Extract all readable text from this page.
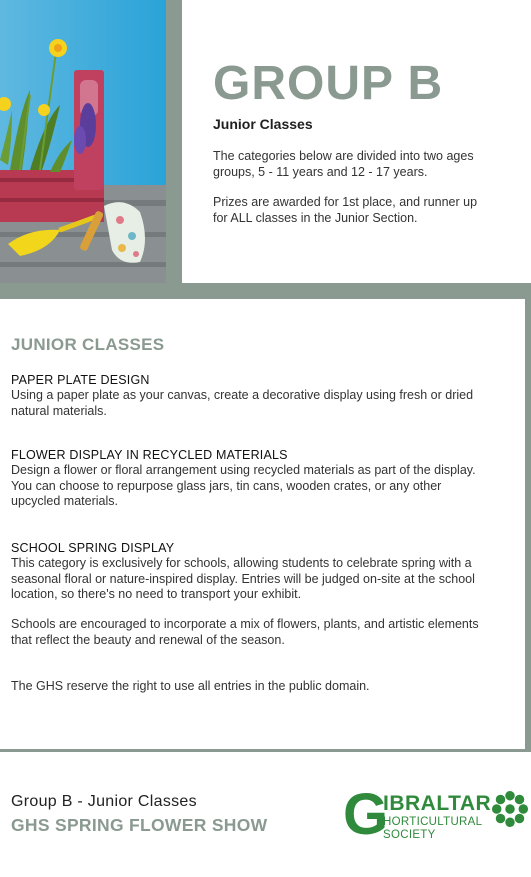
GROUP B
Junior Classes

The categories below are divided into two ages groups, 5 - 11 years and 12 - 17 years.

Prizes are awarded for 1st place, and runner up for ALL classes in the Junior Section.

JUNIOR CLASSES

PAPER PLATE DESIGN

Using a paper plate as your canvas, create a decorative display using fresh or dried natural materials.

FLOWER DISPLAY IN RECYCLED MATERIALS

Design a flower or floral arrangement using recycled materials as part of the display. You can choose to repurpose glass jars, tin cans, wooden crates, or any other upcycled materials.

SCHOOL SPRING DISPLAY

This category is exclusively for schools, allowing students to celebrate spring with a seasonal floral or nature-inspired display. Entries will be judged on-site at the school location, so there's no need to transport your exhibit.

Schools are encouraged to incorporate a mix of flowers, plants, and artistic elements that reflect the beauty and renewal of the season.

The GHS reserve the right to use all entries in the public domain.

Group B - Junior Classes
GHS SPRING FLOWER SHOW G
IBRALTAR
HORTICULTURAL
SOCIETY
